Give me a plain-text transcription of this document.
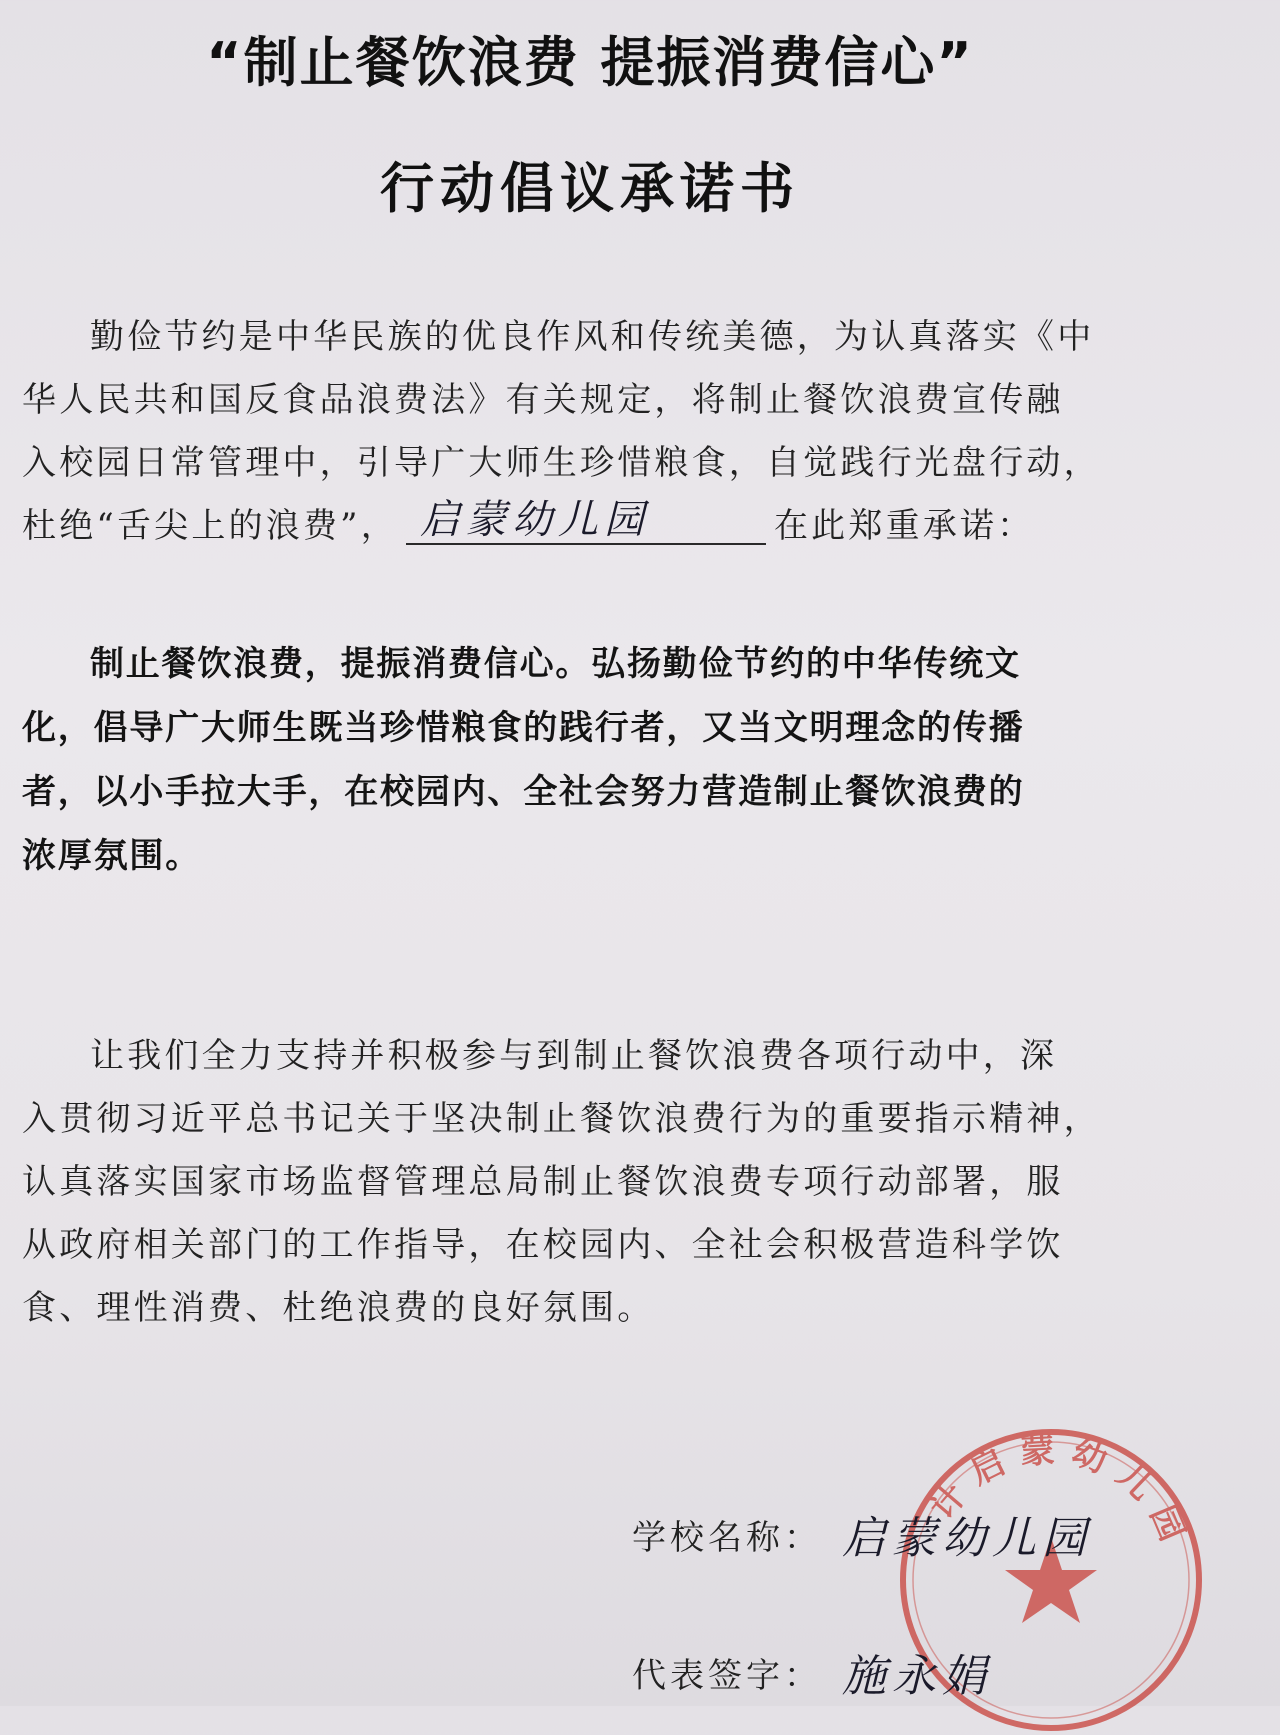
“制止餐饮浪费 提振消费信心”
行动倡议承诺书

勤俭节约是中华民族的优良作风和传统美德，为认真落实《中

华人民共和国反食品浪费法》有关规定，将制止餐饮浪费宣传融

入校园日常管理中，引导广大师生珍惜粮食，自觉践行光盘行动，

杜绝“舌尖上的浪费”， 启蒙幼儿园	在此郑重承诺：

制止餐饮浪费，提振消费信心。弘扬勤俭节约的中华传统文

化，倡导广大师生既当珍惜粮食的践行者，又当文明理念的传播

者，以小手拉大手，在校园内、全社会努力营造制止餐饮浪费的

浓厚氛围。

让我们全力支持并积极参与到制止餐饮浪费各项行动中，深

入贯彻习近平总书记关于坚决制止餐饮浪费行为的重要指示精神，

认真落实国家市场监督管理总局制止餐饮浪费专项行动部署，服

从政府相关部门的工作指导，在校园内、全社会积极营造科学饮

食、理性消费、杜绝浪费的良好氛围。

计启蒙幼儿园
学校名称： 启蒙幼儿园
代表签字： 施永娟
